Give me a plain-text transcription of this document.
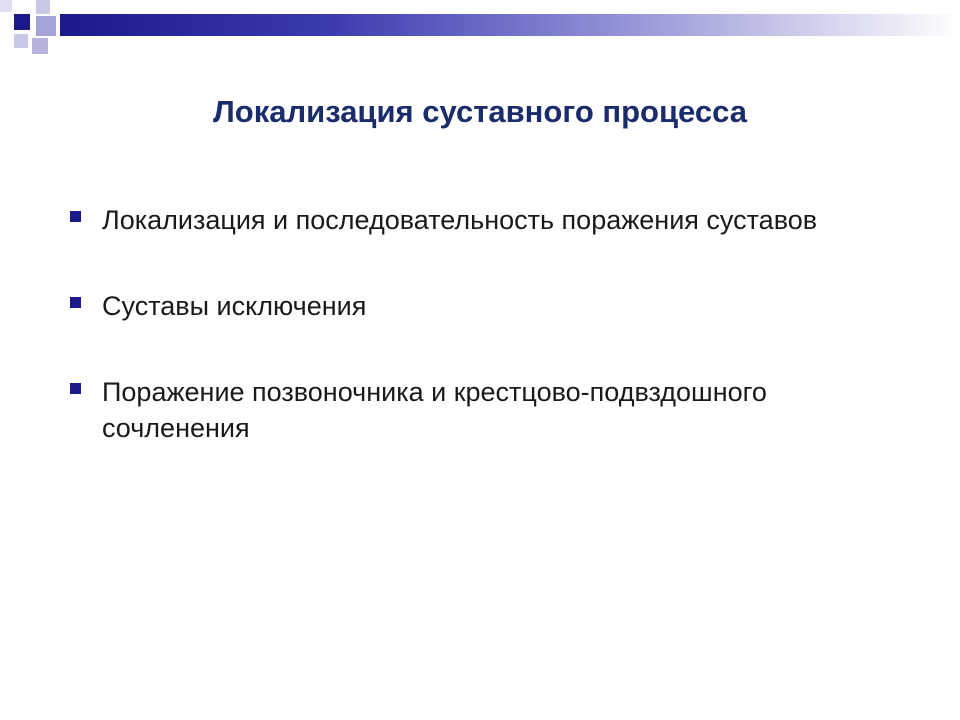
Локализация суставного процесса
Локализация и последовательность поражения суставов
Суставы исключения
Поражение позвоночника и крестцово-подвздошного сочленения
